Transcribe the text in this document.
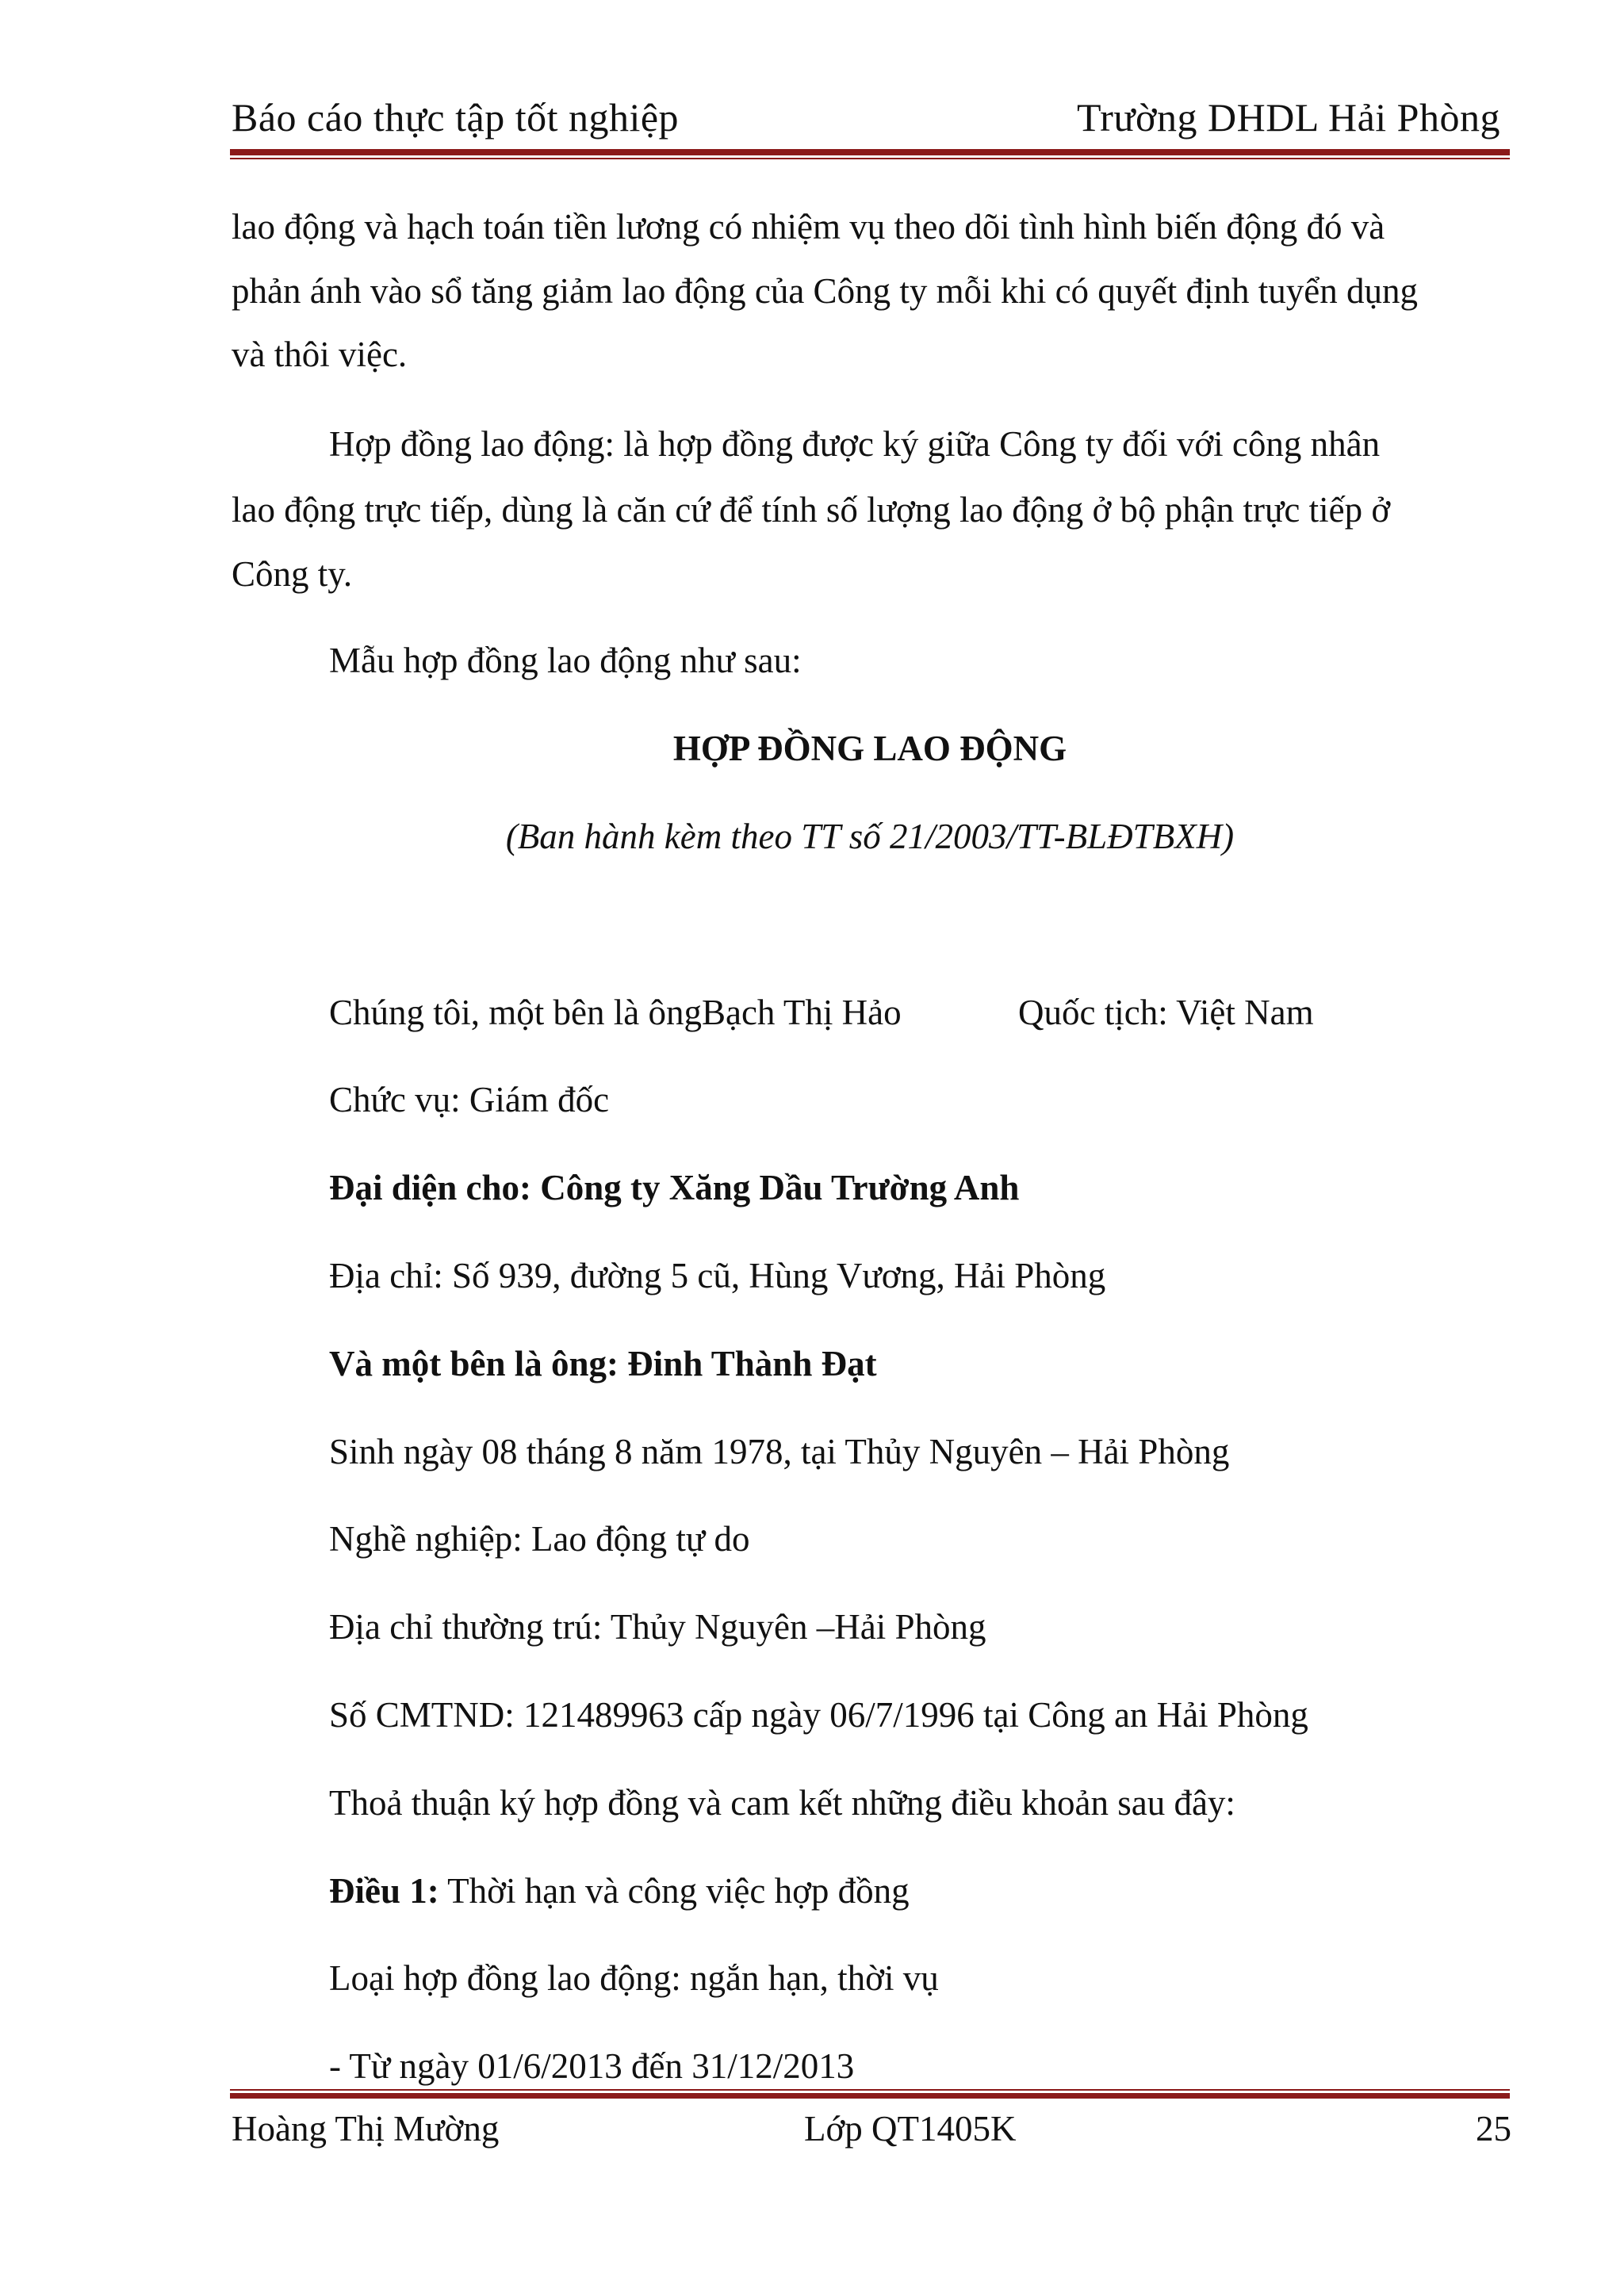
Báo cáo thực tập tốt nghiệp	Trường DHDL Hải Phòng
lao động và hạch toán tiền lương có nhiệm vụ theo dõi tình hình biến động đó và
phản ánh vào sổ tăng giảm lao động của Công ty mỗi khi có quyết định tuyển dụng
và thôi việc.
Hợp đồng lao động: là hợp đồng được ký giữa Công ty đối với công nhân
lao động trực tiếp, dùng là căn cứ để tính số lượng lao động ở bộ phận trực tiếp ở
Công ty.
Mẫu hợp đồng lao động như sau:
HỢP ĐỒNG LAO ĐỘNG
(Ban hành kèm theo TT số 21/2003/TT-BLĐTBXH)
Chúng tôi, một bên là ôngBạch Thị Hảo	Quốc tịch: Việt Nam
Chức vụ: Giám đốc
Đại diện cho: Công ty Xăng Dầu Trường Anh
Địa chỉ: Số 939, đường 5 cũ, Hùng Vương, Hải Phòng
Và một bên là ông: Đinh Thành Đạt
Sinh ngày 08 tháng 8 năm 1978, tại Thủy Nguyên – Hải Phòng
Nghề nghiệp: Lao động tự do
Địa chỉ thường trú: Thủy Nguyên –Hải Phòng
Số CMTND: 121489963 cấp ngày 06/7/1996 tại Công an Hải Phòng
Thoả thuận ký hợp đồng và cam kết những điều khoản sau đây:
Điều 1: Thời hạn và công việc hợp đồng
Loại hợp đồng lao động: ngắn hạn, thời vụ
- Từ ngày 01/6/2013 đến 31/12/2013
Hoàng Thị Mường	Lớp QT1405K	25
